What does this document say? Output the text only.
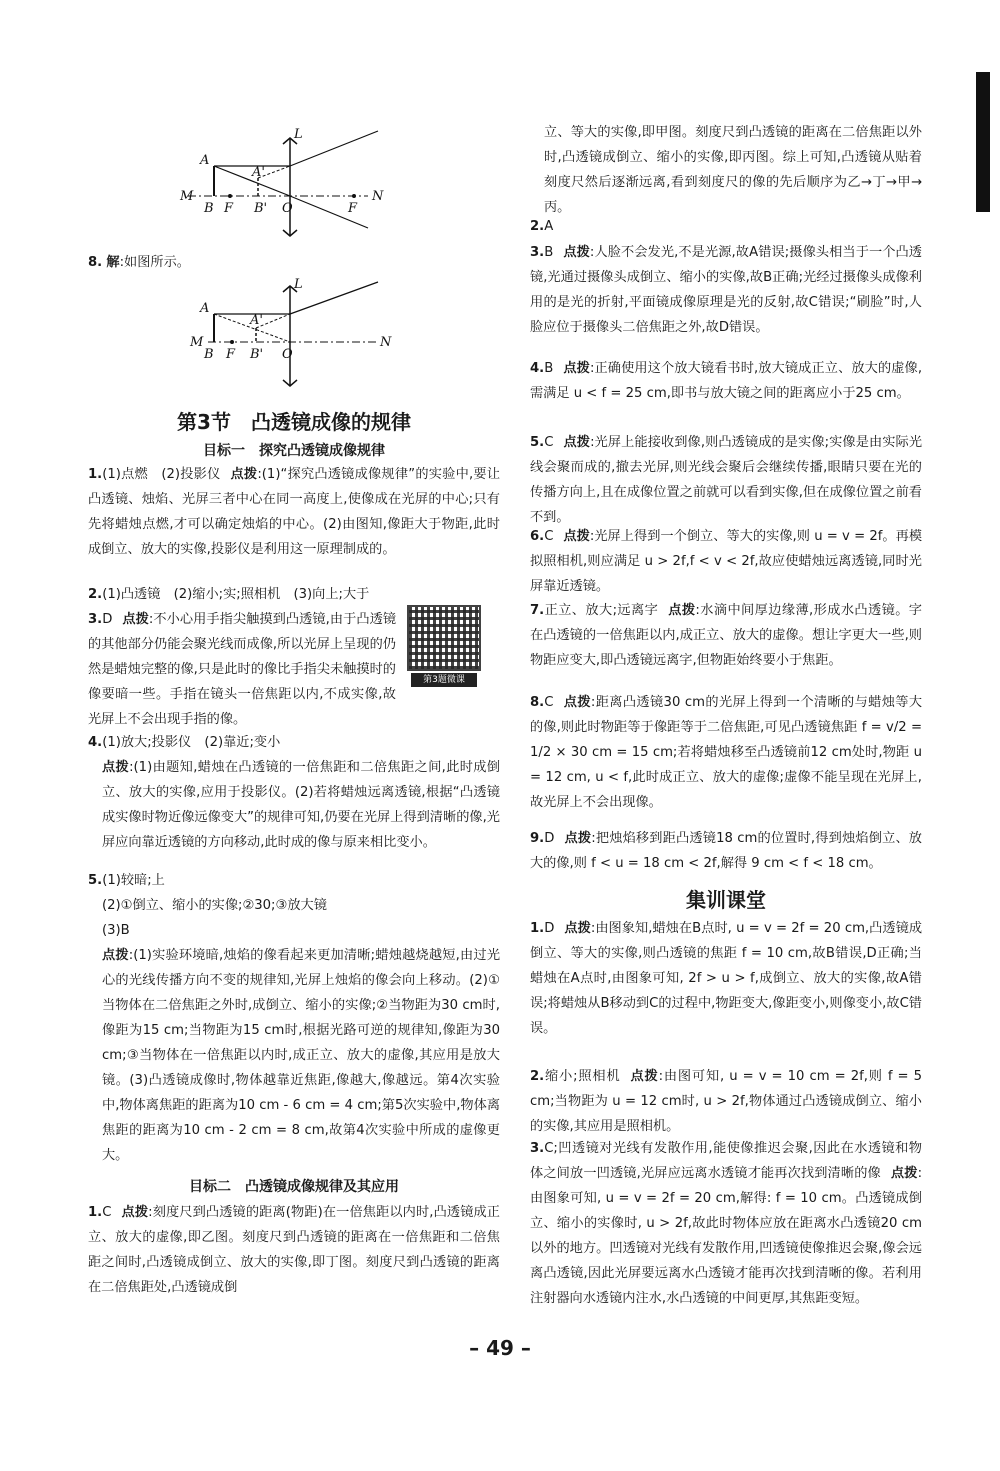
A
A'
M
B F B' O	F
N
L
8. 解:如图所示。
A
A'
M
B F B' O
N
L
第3节　凸透镜成像的规律
目标一　探究凸透镜成像规律
1.(1)点燃　(2)投影仪 点拨:(1)“探究凸透镜成像规律”的实验中,要让凸透镜、烛焰、光屏三者中心在同一高度上,使像成在光屏的中心;只有先将蜡烛点燃,才可以确定烛焰的中心。(2)由图知,像距大于物距,此时成倒立、放大的实像,投影仪是利用这一原理制成的。
2.(1)凸透镜　(2)缩小;实;照相机　(3)向上;大于
3.D 点拨:不小心用手指尖触摸到凸透镜,由于凸透镜的其他部分仍能会聚光线而成像,所以光屏上呈现的仍然是蜡烛完整的像,只是此时的像比手指尖未触摸时的像要暗一些。手指在镜头一倍焦距以内,不成实像,故光屏上不会出现手指的像。
第3题微课
4.(1)放大;投影仪　(2)靠近;变小
点拨:(1)由题知,蜡烛在凸透镜的一倍焦距和二倍焦距之间,此时成倒立、放大的实像,应用于投影仪。(2)若将蜡烛远离透镜,根据“凸透镜成实像时物近像远像变大”的规律可知,仍要在光屏上得到清晰的像,光屏应向靠近透镜的方向移动,此时成的像与原来相比变小。
5.(1)较暗;上
(2)①倒立、缩小的实像;②30;③放大镜
(3)B
点拨:(1)实验环境暗,烛焰的像看起来更加清晰;蜡烛越烧越短,由过光心的光线传播方向不变的规律知,光屏上烛焰的像会向上移动。(2)①当物体在二倍焦距之外时,成倒立、缩小的实像;②当物距为30 cm时,像距为15 cm;当物距为15 cm时,根据光路可逆的规律知,像距为30 cm;③当物体在一倍焦距以内时,成正立、放大的虚像,其应用是放大镜。(3)凸透镜成像时,物体越靠近焦距,像越大,像越远。第4次实验中,物体离焦距的距离为10 cm - 6 cm = 4 cm;第5次实验中,物体离焦距的距离为10 cm - 2 cm = 8 cm,故第4次实验中所成的虚像更大。
目标二　凸透镜成像规律及其应用
1.C 点拨:刻度尺到凸透镜的距离(物距)在一倍焦距以内时,凸透镜成正立、放大的虚像,即乙图。刻度尺到凸透镜的距离在一倍焦距和二倍焦距之间时,凸透镜成倒立、放大的实像,即丁图。刻度尺到凸透镜的距离在二倍焦距处,凸透镜成倒
立、等大的实像,即甲图。刻度尺到凸透镜的距离在二倍焦距以外时,凸透镜成倒立、缩小的实像,即丙图。综上可知,凸透镜从贴着刻度尺然后逐渐远离,看到刻度尺的像的先后顺序为乙→丁→甲→丙。
2.A
3.B 点拨:人脸不会发光,不是光源,故A错误;摄像头相当于一个凸透镜,光通过摄像头成倒立、缩小的实像,故B正确;光经过摄像头成像利用的是光的折射,平面镜成像原理是光的反射,故C错误;“刷脸”时,人脸应位于摄像头二倍焦距之外,故D错误。
4.B 点拨:正确使用这个放大镜看书时,放大镜成正立、放大的虚像,需满足 u < f = 25 cm,即书与放大镜之间的距离应小于25 cm。
5.C 点拨:光屏上能接收到像,则凸透镜成的是实像;实像是由实际光线会聚而成的,撤去光屏,则光线会聚后会继续传播,眼睛只要在光的传播方向上,且在成像位置之前就可以看到实像,但在成像位置之前看不到。
6.C 点拨:光屏上得到一个倒立、等大的实像,则 u = v = 2f。再模拟照相机,则应满足 u > 2f,f < v < 2f,故应使蜡烛远离透镜,同时光屏靠近透镜。
7.正立、放大;远离字 点拨:水滴中间厚边缘薄,形成水凸透镜。字在凸透镜的一倍焦距以内,成正立、放大的虚像。想让字更大一些,则物距应变大,即凸透镜远离字,但物距始终要小于焦距。
8.C 点拨:距离凸透镜30 cm的光屏上得到一个清晰的与蜡烛等大的像,则此时物距等于像距等于二倍焦距,可见凸透镜焦距 f = v/2 = 1/2 × 30 cm = 15 cm;若将蜡烛移至凸透镜前12 cm处时,物距 u = 12 cm, u < f,此时成正立、放大的虚像;虚像不能呈现在光屏上,故光屏上不会出现像。
9.D 点拨:把烛焰移到距凸透镜18 cm的位置时,得到烛焰倒立、放大的像,则 f < u = 18 cm < 2f,解得 9 cm < f < 18 cm。
集训课堂
1.D 点拨:由图象知,蜡烛在B点时, u = v = 2f = 20 cm,凸透镜成倒立、等大的实像,则凸透镜的焦距 f = 10 cm,故B错误,D正确;当蜡烛在A点时,由图象可知, 2f > u > f,成倒立、放大的实像,故A错误;将蜡烛从B移动到C的过程中,物距变大,像距变小,则像变小,故C错误。
2.缩小;照相机 点拨:由图可知, u = v = 10 cm = 2f,则 f = 5 cm;当物距为 u = 12 cm时, u > 2f,物体通过凸透镜成倒立、缩小的实像,其应用是照相机。
3.C;凹透镜对光线有发散作用,能使像推迟会聚,因此在水透镜和物体之间放一凹透镜,光屏应远离水透镜才能再次找到清晰的像 点拨:由图象可知, u = v = 2f = 20 cm,解得: f = 10 cm。凸透镜成倒立、缩小的实像时, u > 2f,故此时物体应放在距离水凸透镜20 cm以外的地方。凹透镜对光线有发散作用,凹透镜使像推迟会聚,像会远离凸透镜,因此光屏要远离水凸透镜才能再次找到清晰的像。若利用注射器向水透镜内注水,水凸透镜的中间更厚,其焦距变短。
– 49 –
